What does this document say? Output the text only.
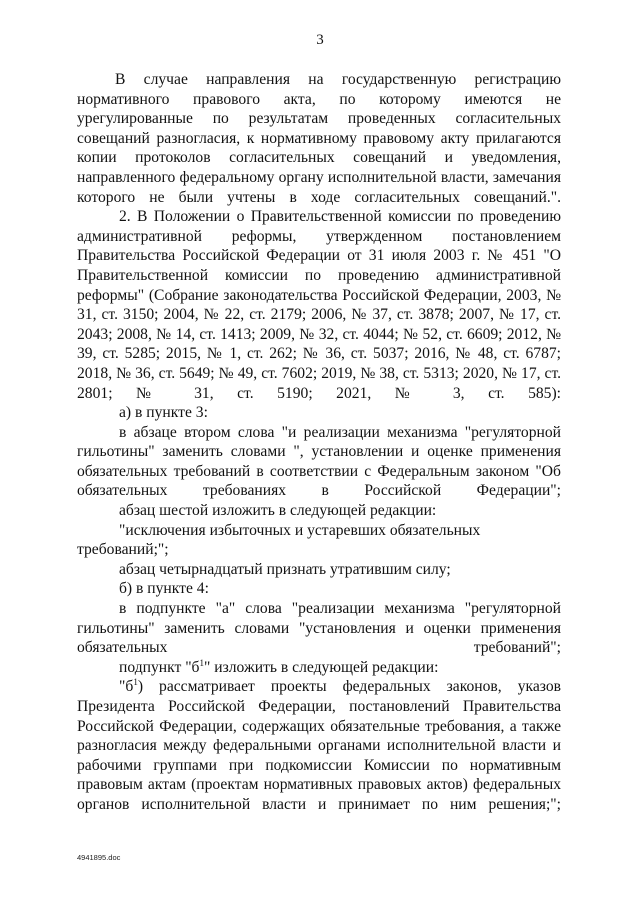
3

В случае направления на государственную регистрацию нормативного правового акта, по которому имеются не урегулированные по результатам проведенных согласительных совещаний разногласия, к нормативному правовому акту прилагаются копии протоколов согласительных совещаний и уведомления, направленного федеральному органу исполнительной власти, замечания которого не были учтены в ходе согласительных совещаний.".

2. В Положении о Правительственной комиссии по проведению административной реформы, утвержденном постановлением Правительства Российской Федерации от 31 июля 2003 г. № 451 "О Правительственной комиссии по проведению административной реформы" (Собрание законодательства Российской Федерации, 2003, № 31, ст. 3150; 2004, № 22, ст. 2179; 2006, № 37, ст. 3878; 2007, № 17, ст. 2043; 2008, № 14, ст. 1413; 2009, № 32, ст. 4044; № 52, ст. 6609; 2012, № 39, ст. 5285; 2015, № 1, ст. 262; № 36, ст. 5037; 2016, № 48, ст. 6787; 2018, № 36, ст. 5649; № 49, ст. 7602; 2019, № 38, ст. 5313; 2020, № 17, ст. 2801; № 31, ст. 5190; 2021, № 3, ст. 585):

а) в пункте 3:

в абзаце втором слова "и реализации механизма "регуляторной гильотины" заменить словами ", установлении и оценке применения обязательных требований в соответствии с Федеральным законом "Об обязательных требованиях в Российской Федерации";

абзац шестой изложить в следующей редакции:

"исключения избыточных и устаревших обязательных требований;";

абзац четырнадцатый признать утратившим силу;

б) в пункте 4:

в подпункте "а" слова "реализации механизма "регуляторной гильотины" заменить словами "установления и оценки применения обязательных требований";

подпункт "$б^1$" изложить в следующей редакции:

"$б^1$) рассматривает проекты федеральных законов, указов Президента Российской Федерации, постановлений Правительства Российской Федерации, содержащих обязательные требования, а также разногласия между федеральными органами исполнительной власти и рабочими группами при подкомиссии Комиссии по нормативным правовым актам (проектам нормативных правовых актов) федеральных органов исполнительной власти и принимает по ним решения;";

4941895.doc
